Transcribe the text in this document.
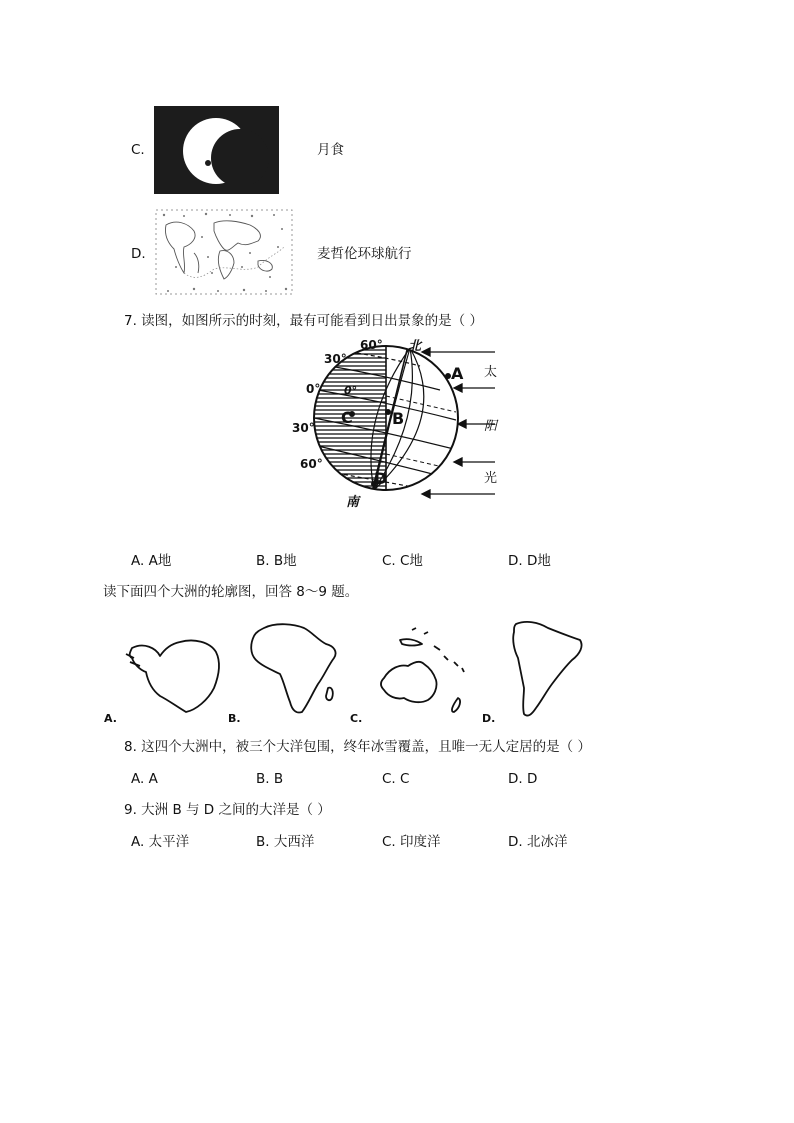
C.	月食
D.	麦哲伦环球航行
7. 读图，如图所示的时刻，最有可能看到日出景象的是（ ）
60°
30°
0° 0°
30°
60°
北
南
A
B
C
D
太
阳
光
A. A地	B. B地	C. C地	D. D地
读下面四个大洲的轮廓图，回答 8～9 题。
A.	B.	C.	D.
8. 这四个大洲中，被三个大洋包围，终年冰雪覆盖，且唯一无人定居的是（ ）
A. A	B. B	C. C	D. D
9. 大洲 B 与 D 之间的大洋是（ ）
A. 太平洋	B. 大西洋	C. 印度洋	D. 北冰洋
